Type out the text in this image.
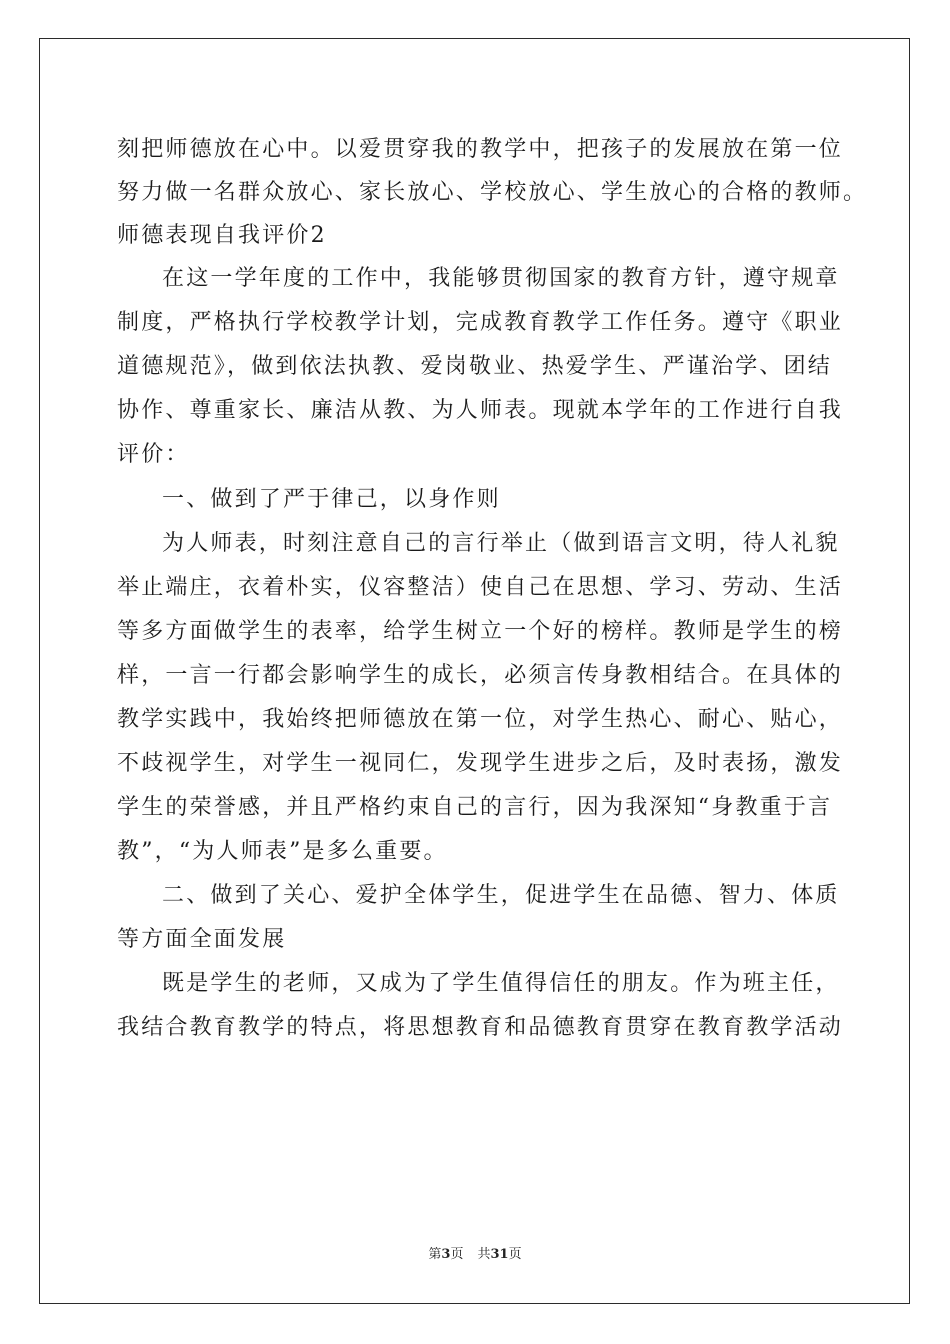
刻把师德放在心中。以爱贯穿我的教学中，把孩子的发展放在第一位
努力做一名群众放心、家长放心、学校放心、学生放心的合格的教师。
师德表现自我评价2
在这一学年度的工作中，我能够贯彻国家的教育方针，遵守规章
制度，严格执行学校教学计划，完成教育教学工作任务。遵守《职业
道德规范》，做到依法执教、爱岗敬业、热爱学生、严谨治学、团结
协作、尊重家长、廉洁从教、为人师表。现就本学年的工作进行自我
评价：
一、做到了严于律己，以身作则
为人师表，时刻注意自己的言行举止（做到语言文明，待人礼貌
举止端庄，衣着朴实，仪容整洁）使自己在思想、学习、劳动、生活
等多方面做学生的表率，给学生树立一个好的榜样。教师是学生的榜
样，一言一行都会影响学生的成长，必须言传身教相结合。在具体的
教学实践中，我始终把师德放在第一位，对学生热心、耐心、贴心，
不歧视学生，对学生一视同仁，发现学生进步之后，及时表扬，激发
学生的荣誉感，并且严格约束自己的言行，因为我深知“身教重于言
教”，“为人师表”是多么重要。
二、做到了关心、爱护全体学生，促进学生在品德、智力、体质
等方面全面发展
既是学生的老师，又成为了学生值得信任的朋友。作为班主任，
我结合教育教学的特点，将思想教育和品德教育贯穿在教育教学活动
第3页 共31页
